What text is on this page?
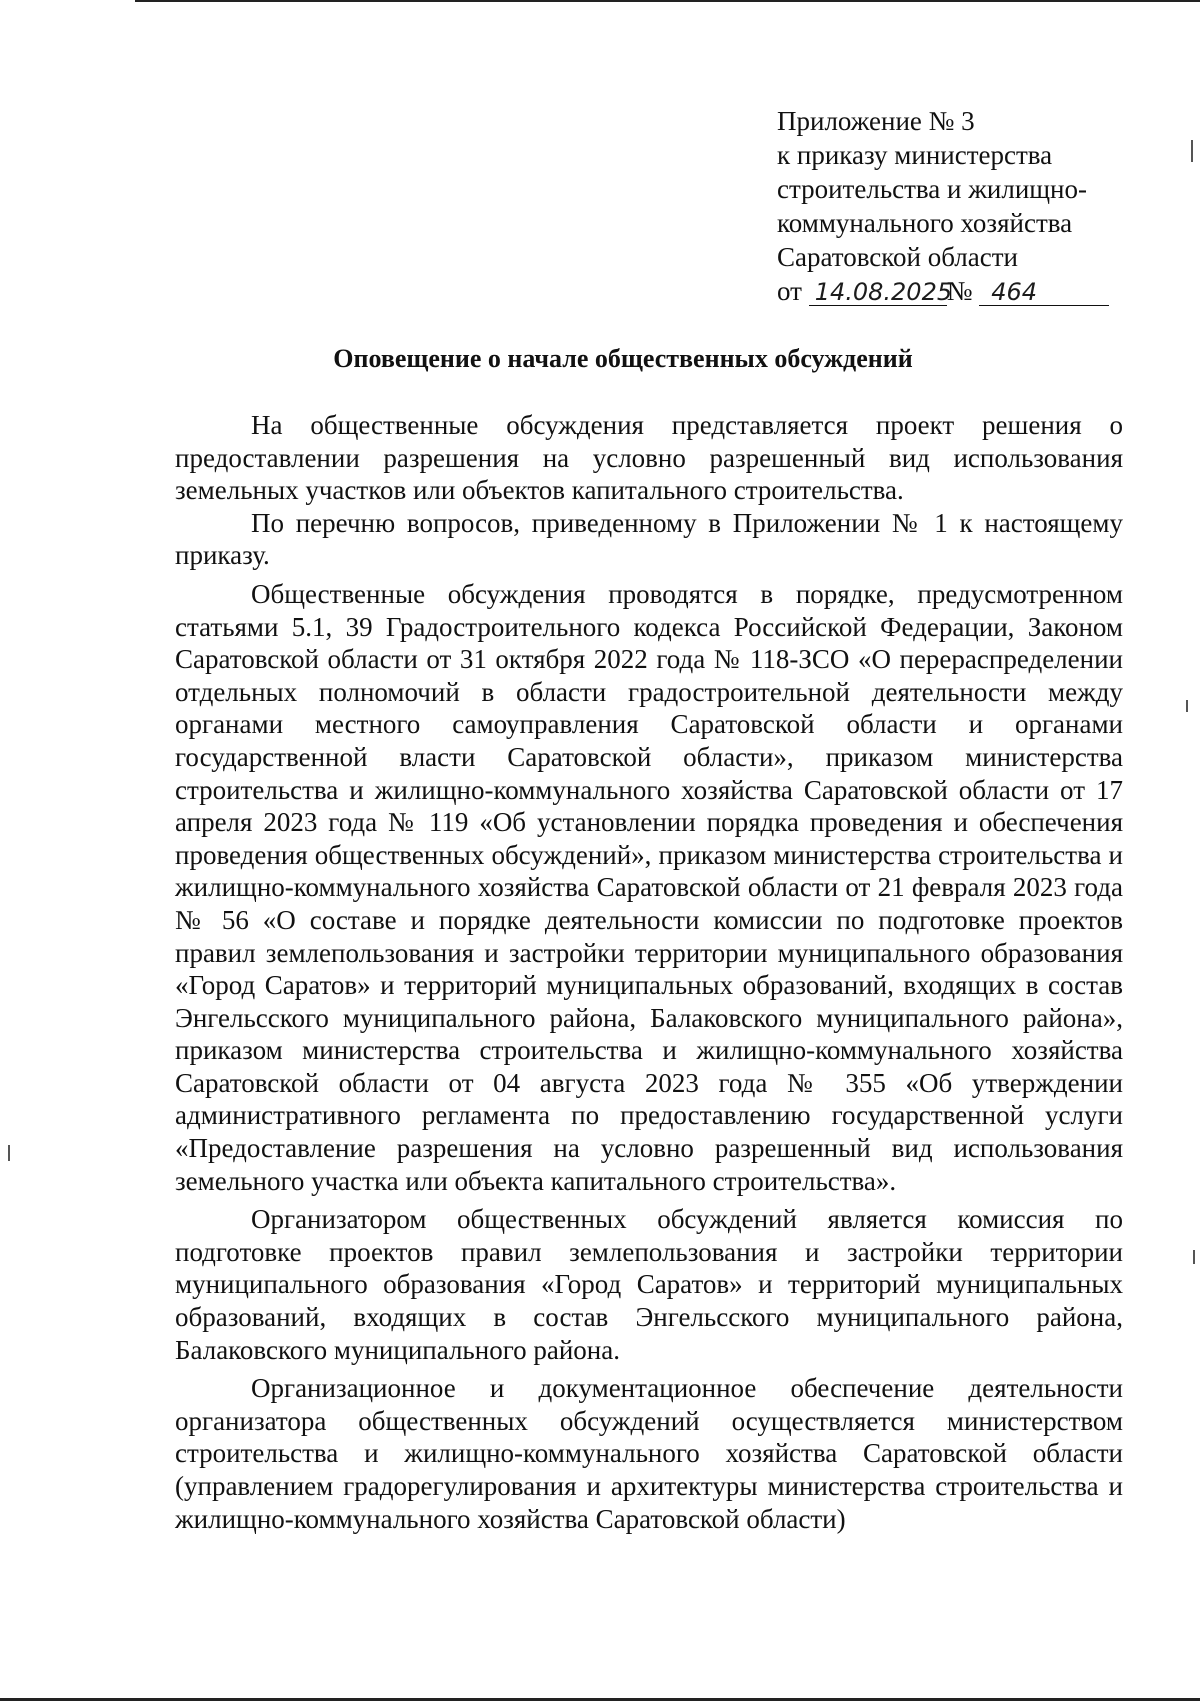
Приложение № 3
к приказу министерства
строительства и жилищно-
коммунального хозяйства
Саратовской области
от 14.08.2025№ 464
Оповещение о начале общественных обсуждений

На общественные обсуждения представляется проект решения о предоставлении разрешения на условно разрешенный вид использования земельных участков или объектов капитального строительства.

По перечню вопросов, приведенному в Приложении № 1 к настоящему приказу.

Общественные обсуждения проводятся в порядке, предусмотренном статьями 5.1, 39 Градостроительного кодекса Российской Федерации, Законом Саратовской области от 31 октября 2022 года № 118-ЗСО «О перераспределении отдельных полномочий в области градостроительной деятельности между органами местного самоуправления Саратовской области и органами государственной власти Саратовской области», приказом министерства строительства и жилищно-коммунального хозяйства Саратовской области от 17 апреля 2023 года № 119 «Об установлении порядка проведения и обеспечения проведения общественных обсуждений», приказом министерства строительства и жилищно-коммунального хозяйства Саратовской области от 21 февраля 2023 года № 56 «О составе и порядке деятельности комиссии по подготовке проектов правил землепользования и застройки территории муниципального образования «Город Саратов» и территорий муниципальных образований, входящих в состав Энгельсского муниципального района, Балаковского муниципального района», приказом министерства строительства и жилищно-коммунального хозяйства Саратовской области от 04 августа 2023 года № 355 «Об утверждении административного регламента по предоставлению государственной услуги «Предоставление разрешения на условно разрешенный вид использования земельного участка или объекта капитального строительства».

Организатором общественных обсуждений является комиссия по подготовке проектов правил землепользования и застройки территории муниципального образования «Город Саратов» и территорий муниципальных образований, входящих в состав Энгельсского муниципального района, Балаковского муниципального района.

Организационное и документационное обеспечение деятельности организатора общественных обсуждений осуществляется министерством строительства и жилищно-коммунального хозяйства Саратовской области (управлением градорегулирования и архитектуры министерства строительства и жилищно-коммунального хозяйства Саратовской области)
